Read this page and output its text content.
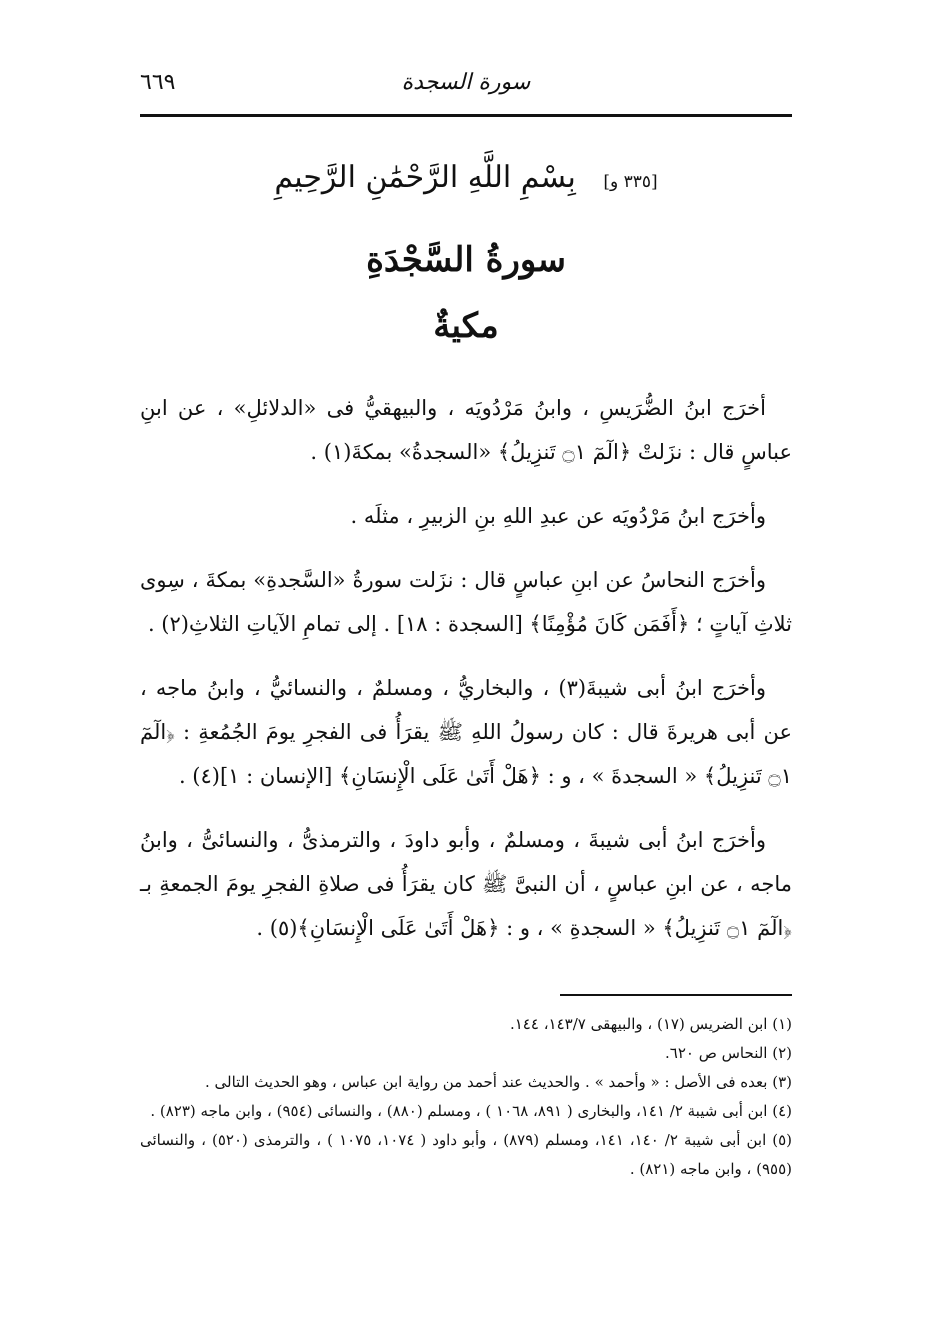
سورة السجدة
٦٦٩
[٣٣٥ و] بِسْمِ اللَّهِ الرَّحْمَٰنِ الرَّحِيمِ
سورةُ السَّجْدَةِ
مكيةٌ

أخرَج ابنُ الضُّرَيسِ ، وابنُ مَرْدُويَه ، والبيهقيُّ فى «الدلائلِ» ، عن ابنِ عباسٍ قال : نزَلتْ ﴿الٓمٓ ۝١ تَنزِيلُ﴾ «السجدةُ» بمكةَ(١) .

وأخرَج ابنُ مَرْدُويَه عن عبدِ اللهِ بنِ الزبيرِ ، مثلَه .

وأخرَج النحاسُ عن ابنِ عباسٍ قال : نزَلت سورةُ «السَّجدةِ» بمكةَ ، سِوى ثلاثِ آياتٍ ؛ ﴿أَفَمَن كَانَ مُؤْمِنًا﴾ [السجدة : ١٨] . إلى تمامِ الآياتِ الثلاثِ(٢) .

وأخرَج ابنُ أبى شيبةَ(٣) ، والبخاريُّ ، ومسلمٌ ، والنسائيُّ ، وابنُ ماجه ، عن أبى هريرةَ قال : كان رسولُ اللهِ ﷺ يقرَأُ فى الفجرِ يومَ الجُمُعةِ : ﴿الٓمٓ ۝١ تَنزِيلُ﴾ « السجدةَ » ، و : ﴿هَلْ أَتَىٰ عَلَى الْإِنسَانِ﴾ [الإنسان : ١](٤) .

وأخرَج ابنُ أبى شيبةَ ، ومسلمٌ ، وأبو داودَ ، والترمذىُّ ، والنسائىُّ ، وابنُ ماجه ، عن ابنِ عباسٍ ، أن النبىَّ ﷺ كان يقرَأُ فى صلاةِ الفجرِ يومَ الجمعةِ بـ ﴿الٓمٓ ۝١ تَنزِيلُ﴾ « السجدةِ » ، و : ﴿هَلْ أَتَىٰ عَلَى الْإِنسَانِ﴾(٥) .

(١) ابن الضريس (١٧) ، والبيهقى ١٤٣/٧، ١٤٤.
(٢) النحاس ص ٦٢٠.
(٣) بعده فى الأصل : « وأحمد » . والحديث عند أحمد من رواية ابن عباس ، وهو الحديث التالى .
(٤) ابن أبى شيبة ٢/ ١٤١، والبخارى ( ٨٩١، ١٠٦٨ ) ، ومسلم (٨٨٠) ، والنسائى (٩٥٤) ، وابن ماجه (٨٢٣) .
(٥) ابن أبى شيبة ٢/ ١٤٠، ١٤١، ومسلم (٨٧٩) ، وأبو داود ( ١٠٧٤، ١٠٧٥ ) ، والترمذى (٥٢٠) ، والنسائى (٩٥٥) ، وابن ماجه (٨٢١) .
